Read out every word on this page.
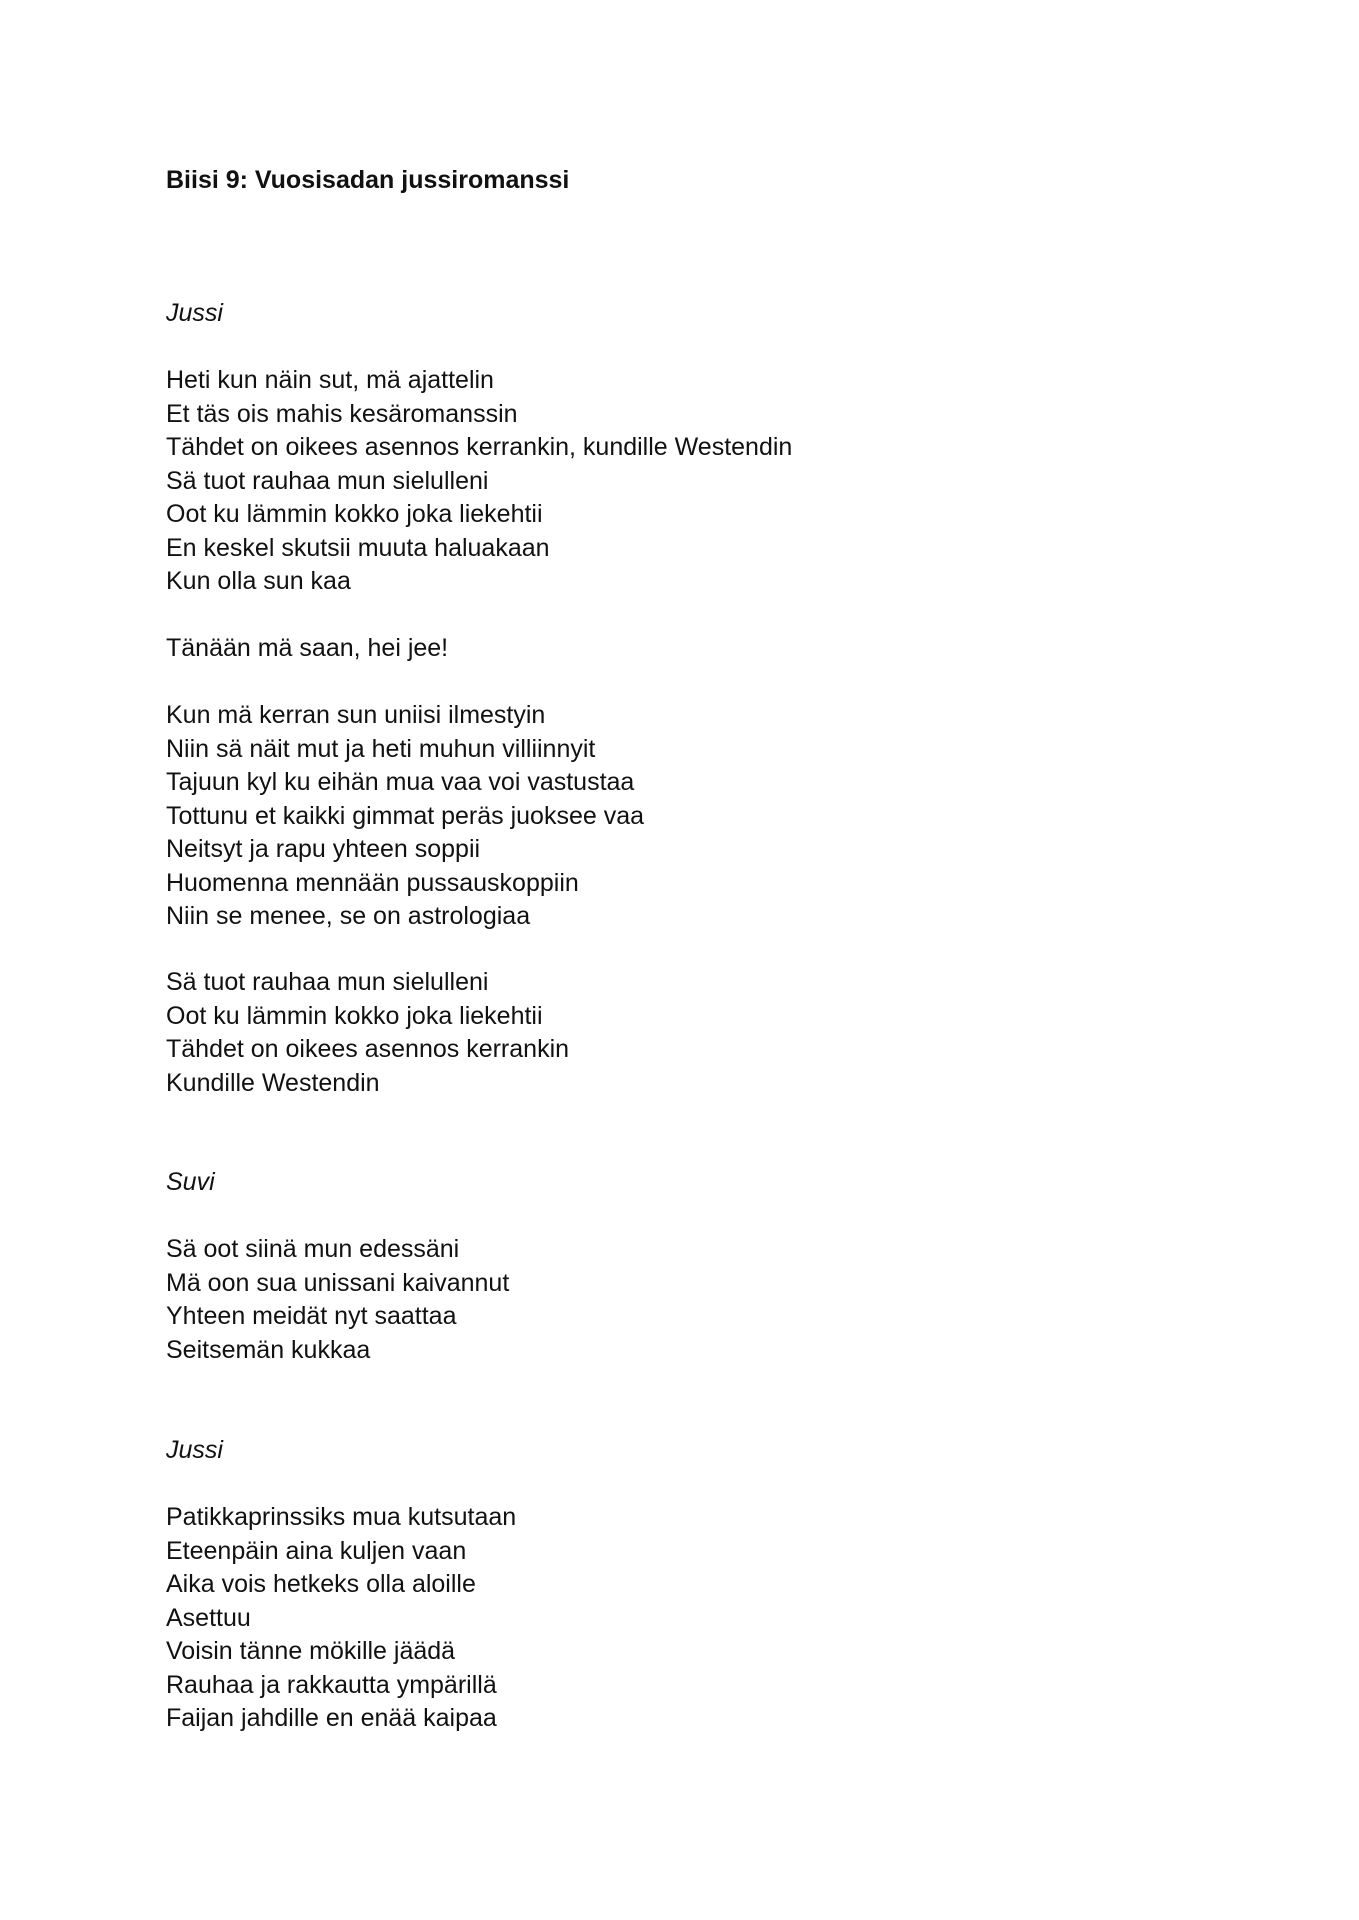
Biisi 9: Vuosisadan jussiromanssi

Jussi

Heti kun näin sut, mä ajattelin
Et täs ois mahis kesäromanssin
Tähdet on oikees asennos kerrankin, kundille Westendin
Sä tuot rauhaa mun sielulleni
Oot ku lämmin kokko joka liekehtii
En keskel skutsii muuta haluakaan
Kun olla sun kaa
Tänään mä saan, hei jee!
Kun mä kerran sun uniisi ilmestyin
Niin sä näit mut ja heti muhun villiinnyit
Tajuun kyl ku eihän mua vaa voi vastustaa
Tottunu et kaikki gimmat peräs juoksee vaa
Neitsyt ja rapu yhteen soppii
Huomenna mennään pussauskoppiin
Niin se menee, se on astrologiaa
Sä tuot rauhaa mun sielulleni
Oot ku lämmin kokko joka liekehtii
Tähdet on oikees asennos kerrankin
Kundille Westendin

Suvi

Sä oot siinä mun edessäni
Mä oon sua unissani kaivannut
Yhteen meidät nyt saattaa
Seitsemän kukkaa

Jussi

Patikkaprinssiks mua kutsutaan
Eteenpäin aina kuljen vaan
Aika vois hetkeks olla aloille
Asettuu
Voisin tänne mökille jäädä
Rauhaa ja rakkautta ympärillä
Faijan jahdille en enää kaipaa
